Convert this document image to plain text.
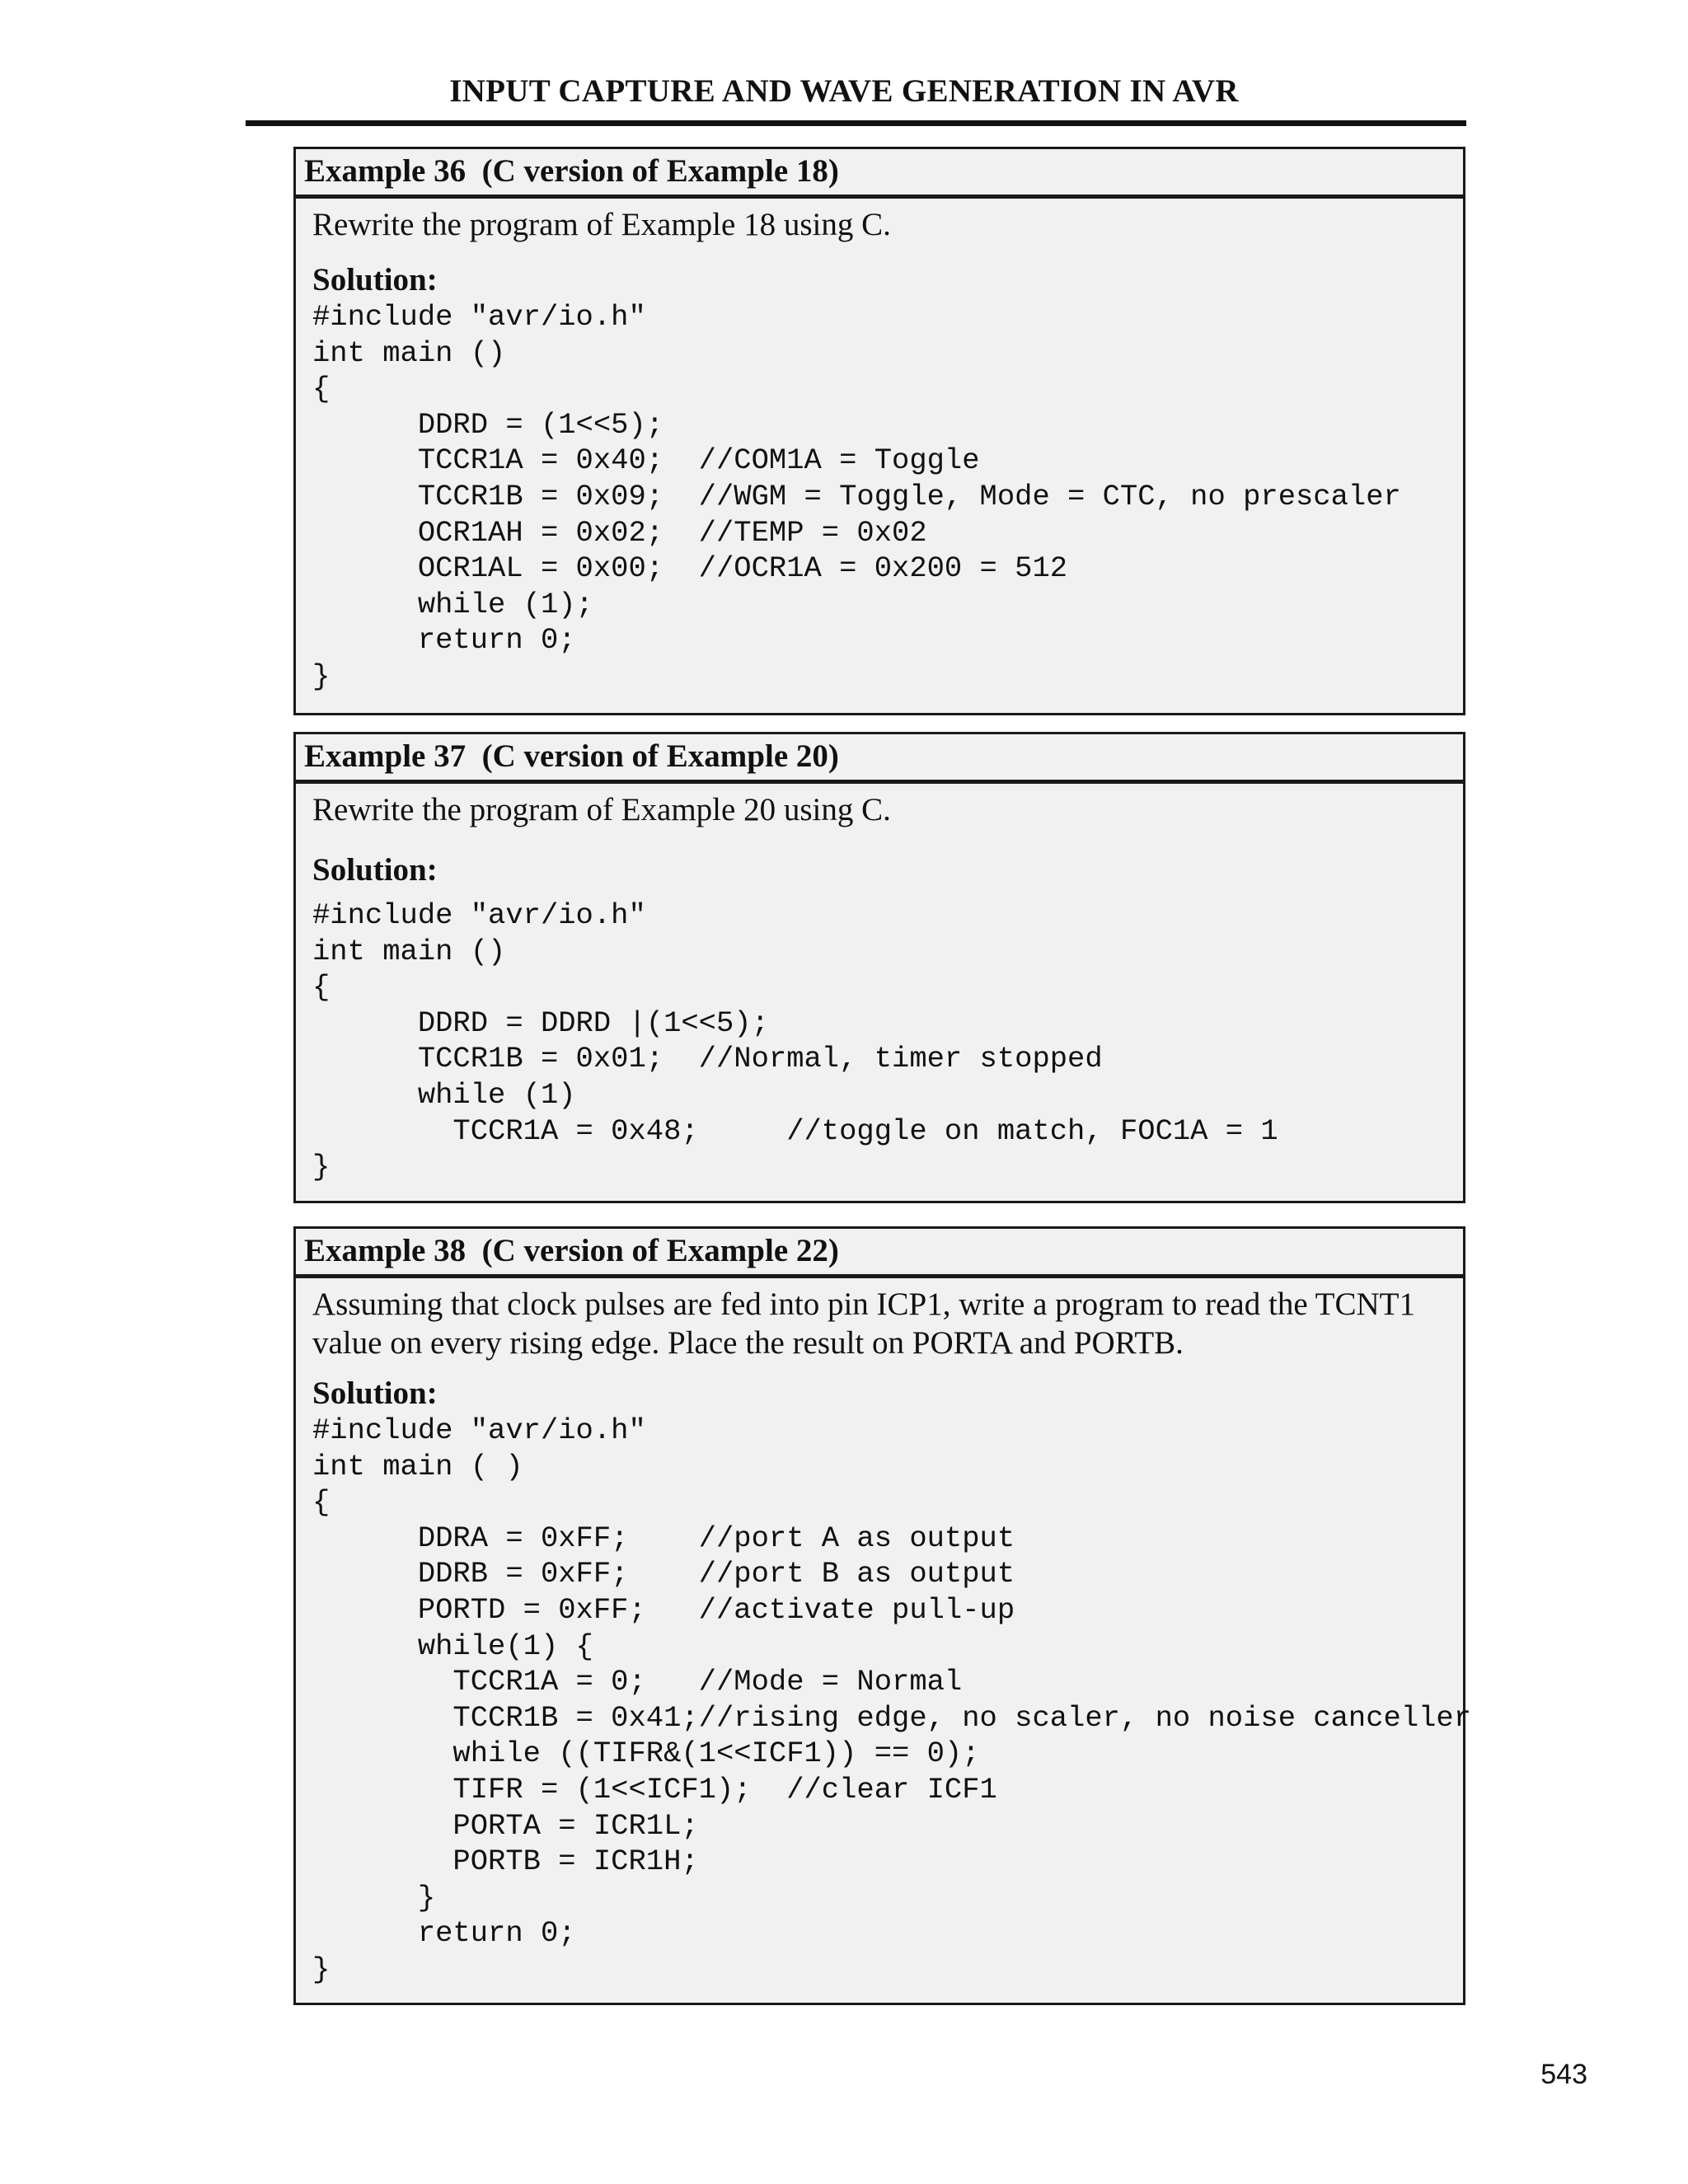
INPUT CAPTURE AND WAVE GENERATION IN AVR
Example 36  (C version of Example 18)

Rewrite the program of Example 18 using C.

Solution:

#include "avr/io.h"
int main ()
{
DDRD = (1<<5);
TCCR1A = 0x40;  //COM1A = Toggle
TCCR1B = 0x09;  //WGM = Toggle, Mode = CTC, no prescaler
OCR1AH = 0x02;  //TEMP = 0x02
OCR1AL = 0x00;  //OCR1A = 0x200 = 512
while (1);
return 0;
}
Example 37  (C version of Example 20)

Rewrite the program of Example 20 using C.

Solution:

#include "avr/io.h"
int main ()
{
DDRD = DDRD |(1<<5);
TCCR1B = 0x01;  //Normal, timer stopped
while (1)
TCCR1A = 0x48;     //toggle on match, FOC1A = 1
}
Example 38  (C version of Example 22)

Assuming that clock pulses are fed into pin ICP1, write a program to read the TCNT1 value on every rising edge. Place the result on PORTA and PORTB.

Solution:

#include "avr/io.h"
int main ( )
{
DDRA = 0xFF;    //port A as output
DDRB = 0xFF;    //port B as output
PORTD = 0xFF;   //activate pull-up
while(1) {
TCCR1A = 0;   //Mode = Normal
TCCR1B = 0x41;//rising edge, no scaler, no noise canceller
while ((TIFR&(1<<ICF1)) == 0);
TIFR = (1<<ICF1);  //clear ICF1
PORTA = ICR1L;
PORTB = ICR1H;
}
return 0;
}
543
